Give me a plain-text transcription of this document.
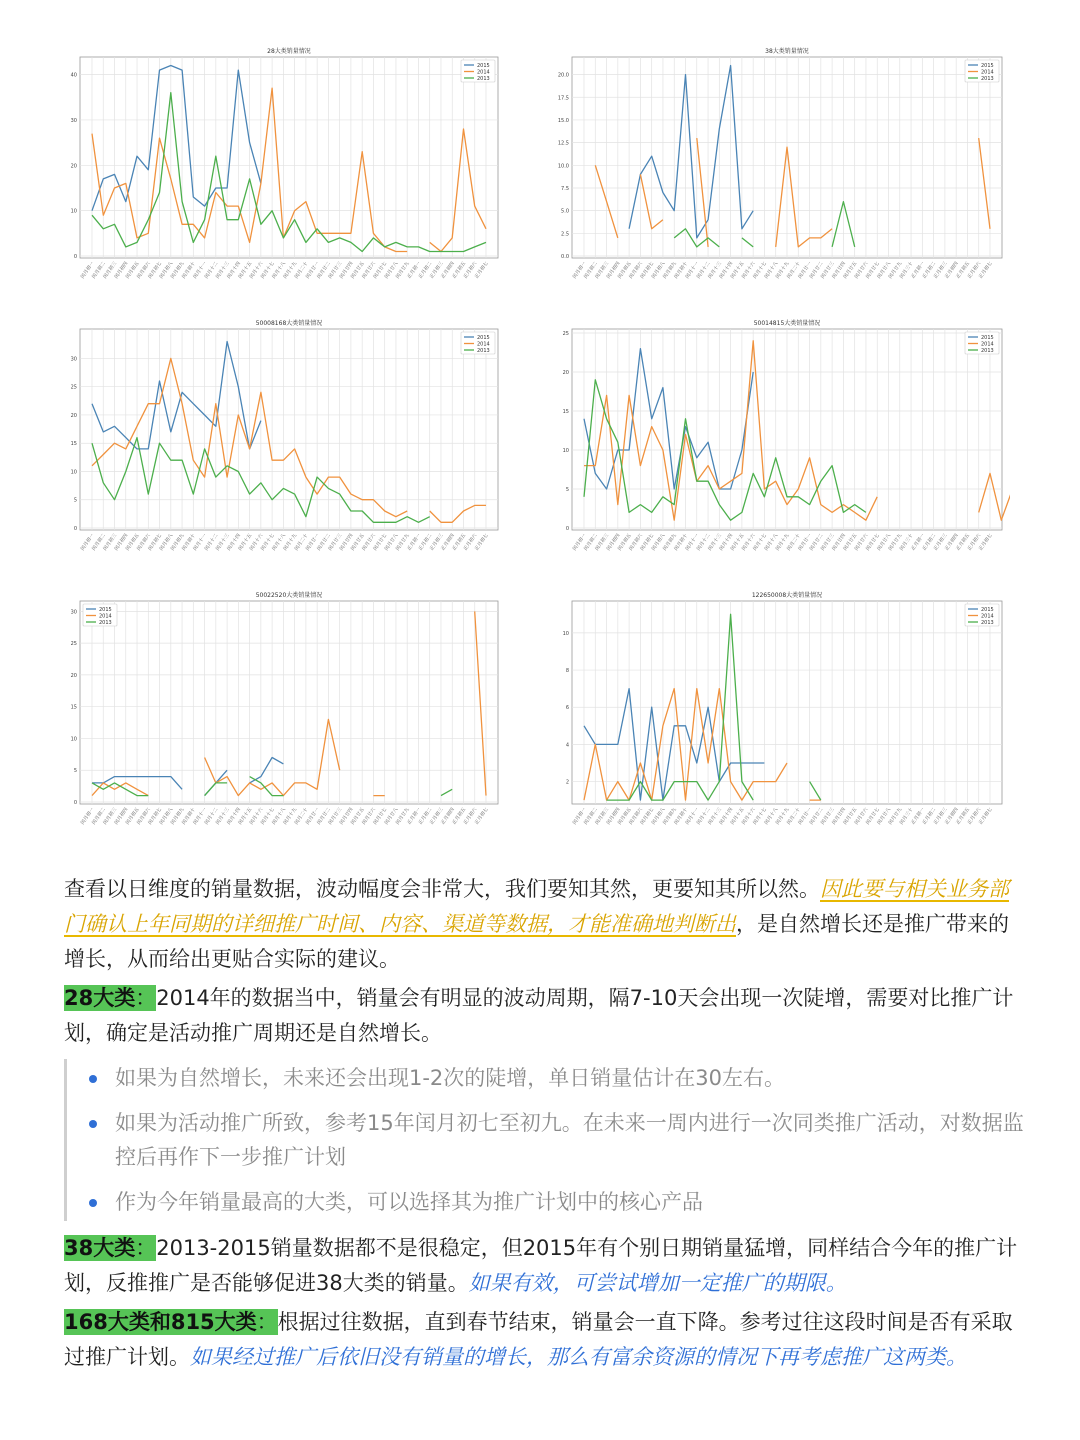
28大类销量情况
闰月初一
闰月初二
闰月初三
闰月初四
闰月初五
闰月初六
闰月初七
闰月初八
闰月初九
闰月初十
闰月十一
闰月十二
闰月十三
闰月十四
闰月十五
闰月十六
闰月十七
闰月十八
闰月十九
闰月二十
闰月廿一
闰月廿二
闰月廿三
闰月廿四
闰月廿五
闰月廿六
闰月廿七
闰月廿八
闰月廿九
正月初一
正月初二
正月初三
正月初四
正月初五
正月初六
正月初七
0
10
20
30
40
2015
2014
2013
38大类销量情况
闰月初一
闰月初二
闰月初三
闰月初四
闰月初五
闰月初六
闰月初七
闰月初八
闰月初九
闰月初十
闰月十一
闰月十二
闰月十三
闰月十四
闰月十五
闰月十六
闰月十七
闰月十八
闰月十九
闰月二十
闰月廿一
闰月廿二
闰月廿三
闰月廿四
闰月廿五
闰月廿六
闰月廿七
闰月廿八
闰月廿九
闰月三十
正月初一
正月初二
正月初三
正月初四
正月初五
正月初六
正月初七
0.0
2.5
5.0
7.5
10.0
12.5
15.0
17.5
20.0
2015
2014
2013
50008168大类销量情况
闰月初一
闰月初二
闰月初三
闰月初四
闰月初五
闰月初六
闰月初七
闰月初八
闰月初九
闰月初十
闰月十一
闰月十二
闰月十三
闰月十四
闰月十五
闰月十六
闰月十七
闰月十八
闰月十九
闰月二十
闰月廿一
闰月廿二
闰月廿三
闰月廿四
闰月廿五
闰月廿六
闰月廿七
闰月廿八
闰月廿九
正月初一
正月初二
正月初三
正月初四
正月初五
正月初六
正月初七
0
5
10
15
20
25
30
2015
2014
2013
50014815大类销量情况
闰月初一
闰月初二
闰月初三
闰月初四
闰月初五
闰月初六
闰月初七
闰月初八
闰月初九
闰月初十
闰月十一
闰月十二
闰月十三
闰月十四
闰月十五
闰月十六
闰月十七
闰月十八
闰月十九
闰月二十
闰月廿一
闰月廿二
闰月廿三
闰月廿四
闰月廿五
闰月廿六
闰月廿七
闰月廿八
闰月廿九
闰月三十
正月初一
正月初二
正月初三
正月初四
正月初五
正月初六
正月初七
0
5
10
15
20
25
2015
2014
2013
50022520大类销量情况
闰月初一
闰月初二
闰月初三
闰月初四
闰月初五
闰月初六
闰月初七
闰月初八
闰月初九
闰月初十
闰月十一
闰月十二
闰月十三
闰月十四
闰月十五
闰月十六
闰月十七
闰月十八
闰月十九
闰月二十
闰月廿一
闰月廿二
闰月廿三
闰月廿四
闰月廿五
闰月廿六
闰月廿七
闰月廿八
闰月廿九
正月初一
正月初二
正月初三
正月初四
正月初五
正月初六
正月初七
0
5
10
15
20
25
30	2015
2014
2013
122650008大类销量情况
闰月初一
闰月初二
闰月初三
闰月初四
闰月初五
闰月初六
闰月初七
闰月初八
闰月初九
闰月初十
闰月十一
闰月十二
闰月十三
闰月十四
闰月十五
闰月十六
闰月十七
闰月十八
闰月十九
闰月二十
闰月廿一
闰月廿二
闰月廿三
闰月廿四
闰月廿五
闰月廿六
闰月廿七
闰月廿八
闰月廿九
闰月三十
正月初一
正月初二
正月初三
正月初四
正月初五
正月初六
正月初七
2
4
6
8
10
2015
2014
2013

查看以日维度的销量数据，波动幅度会非常大，我们要知其然，更要知其所以然。因此要与相关业务部门确认上年同期的详细推广时间、内容、渠道等数据，才能准确地判断出，是自然增长还是推广带来的增长，从而给出更贴合实际的建议。

28大类：2014年的数据当中，销量会有明显的波动周期，隔7-10天会出现一次陡增，需要对比推广计划，确定是活动推广周期还是自然增长。

如果为自然增长，未来还会出现1-2次的陡增，单日销量估计在30左右。
如果为活动推广所致，参考15年闰月初七至初九。在未来一周内进行一次同类推广活动，对数据监控后再作下一步推广计划
作为今年销量最高的大类，可以选择其为推广计划中的核心产品

38大类：2013-2015销量数据都不是很稳定，但2015年有个别日期销量猛增，同样结合今年的推广计划，反推推广是否能够促进38大类的销量。如果有效，可尝试增加一定推广的期限。

168大类和815大类：根据过往数据，直到春节结束，销量会一直下降。参考过往这段时间是否有采取过推广计划。如果经过推广后依旧没有销量的增长，那么有富余资源的情况下再考虑推广这两类。
